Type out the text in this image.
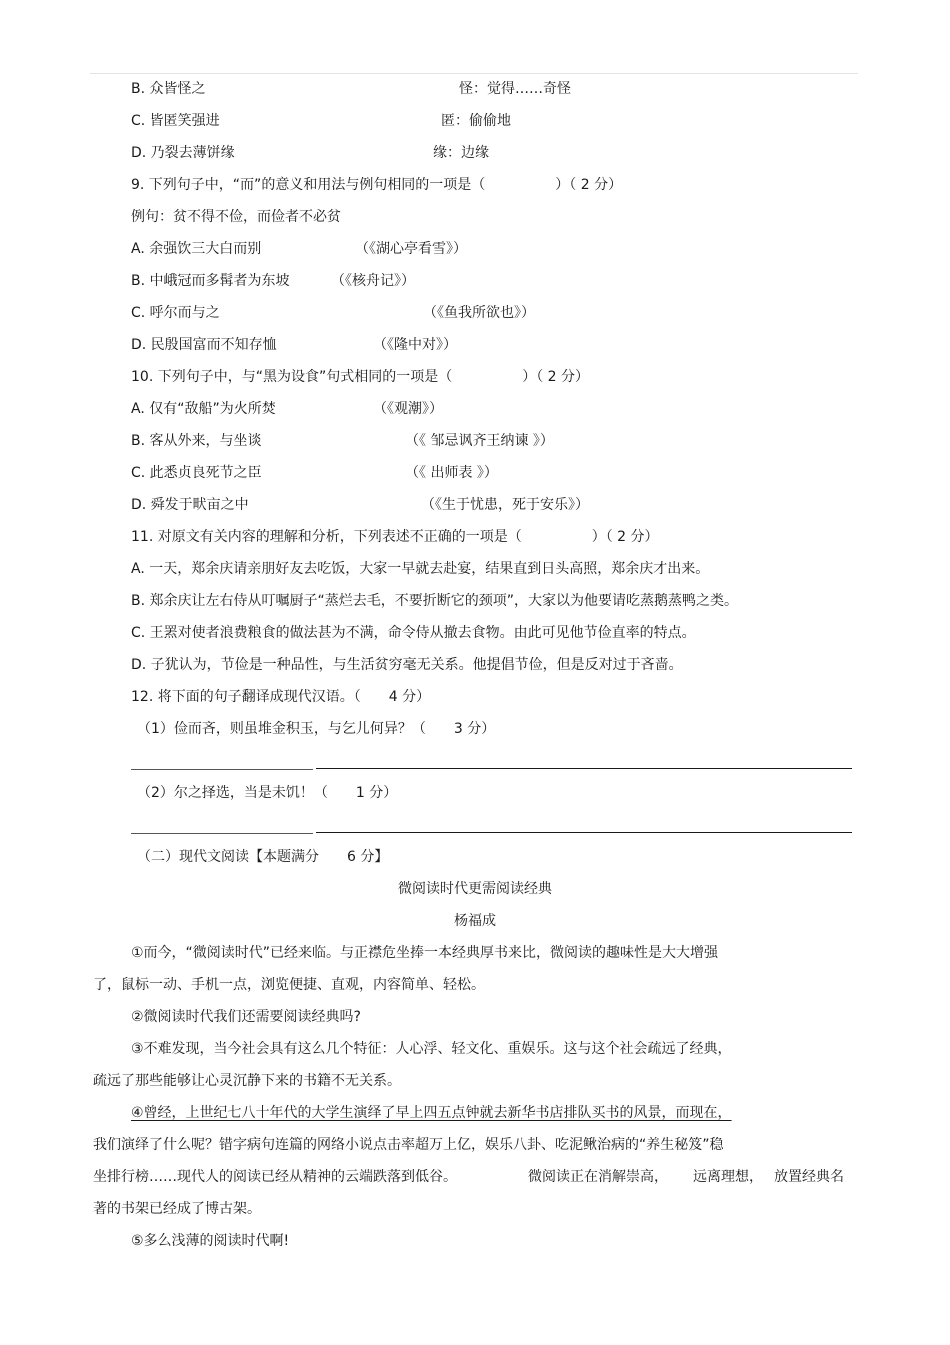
B. 众皆怪之	怪：觉得……奇怪
C. 皆匿笑强进	匿：偷偷地
D. 乃裂去薄饼缘	缘：边缘
9. 下列句子中，“而”的意义和用法与例句相同的一项是（　　　　　）（ 2 分）
例句：贫不得不俭，而俭者不必贫
A. 余强饮三大白而别	（《湖心亭看雪》）
B. 中峨冠而多髯者为东坡	（《核舟记》）
C. 呼尔而与之	（《鱼我所欲也》）
D. 民殷国富而不知存恤	（《隆中对》）
10. 下列句子中，与“黑为设食”句式相同的一项是（　　　　　）（ 2 分）
A. 仅有“敌船”为火所焚	（《观潮》）
B. 客从外来，与坐谈	（《 邹忌讽齐王纳谏 》）
C. 此悉贞良死节之臣	（《 出师表 》）
D. 舜发于畎亩之中	（《生于忧患，死于安乐》）
11. 对原文有关内容的理解和分析，下列表述不正确的一项是（　　　　　）（ 2 分）
A. 一天，郑余庆请亲朋好友去吃饭，大家一早就去赴宴，结果直到日头高照，郑余庆才出来。
B. 郑余庆让左右侍从叮嘱厨子“蒸烂去毛，不要折断它的颈项”，大家以为他要请吃蒸鹅蒸鸭之类。
C. 王罴对使者浪费粮食的做法甚为不满，命令侍从撤去食物。由此可见他节俭直率的特点。
D. 子犹认为，节俭是一种品性，与生活贫穷毫无关系。他提倡节俭，但是反对过于吝啬。
12. 将下面的句子翻译成现代汉语。（　　4 分）
（1）俭而吝，则虽堆金积玉，与乞儿何异？（　　3 分）
（2）尔之择选，当是未饥！（　　1 分）
（二）现代文阅读【本题满分　　6 分】
微阅读时代更需阅读经典
杨福成
①而今，“微阅读时代”已经来临。与正襟危坐捧一本经典厚书来比，微阅读的趣味性是大大增强
了，鼠标一动、手机一点，浏览便捷、直观，内容简单、轻松。
②微阅读时代我们还需要阅读经典吗?
③不难发现，当今社会具有这么几个特征：人心浮、轻文化、重娱乐。这与这个社会疏远了经典，
疏远了那些能够让心灵沉静下来的书籍不无关系。
④曾经，上世纪七八十年代的大学生演绎了早上四五点钟就去新华书店排队买书的风景，而现在，
我们演绎了什么呢？错字病句连篇的网络小说点击率超万上亿，娱乐八卦、吃泥鳅治病的“养生秘笈”稳
坐排行榜……现代人的阅读已经从精神的云端跌落到低谷。	微阅读正在消解崇高， 远离理想， 放置经典名
著的书架已经成了博古架。
⑤多么浅薄的阅读时代啊!
